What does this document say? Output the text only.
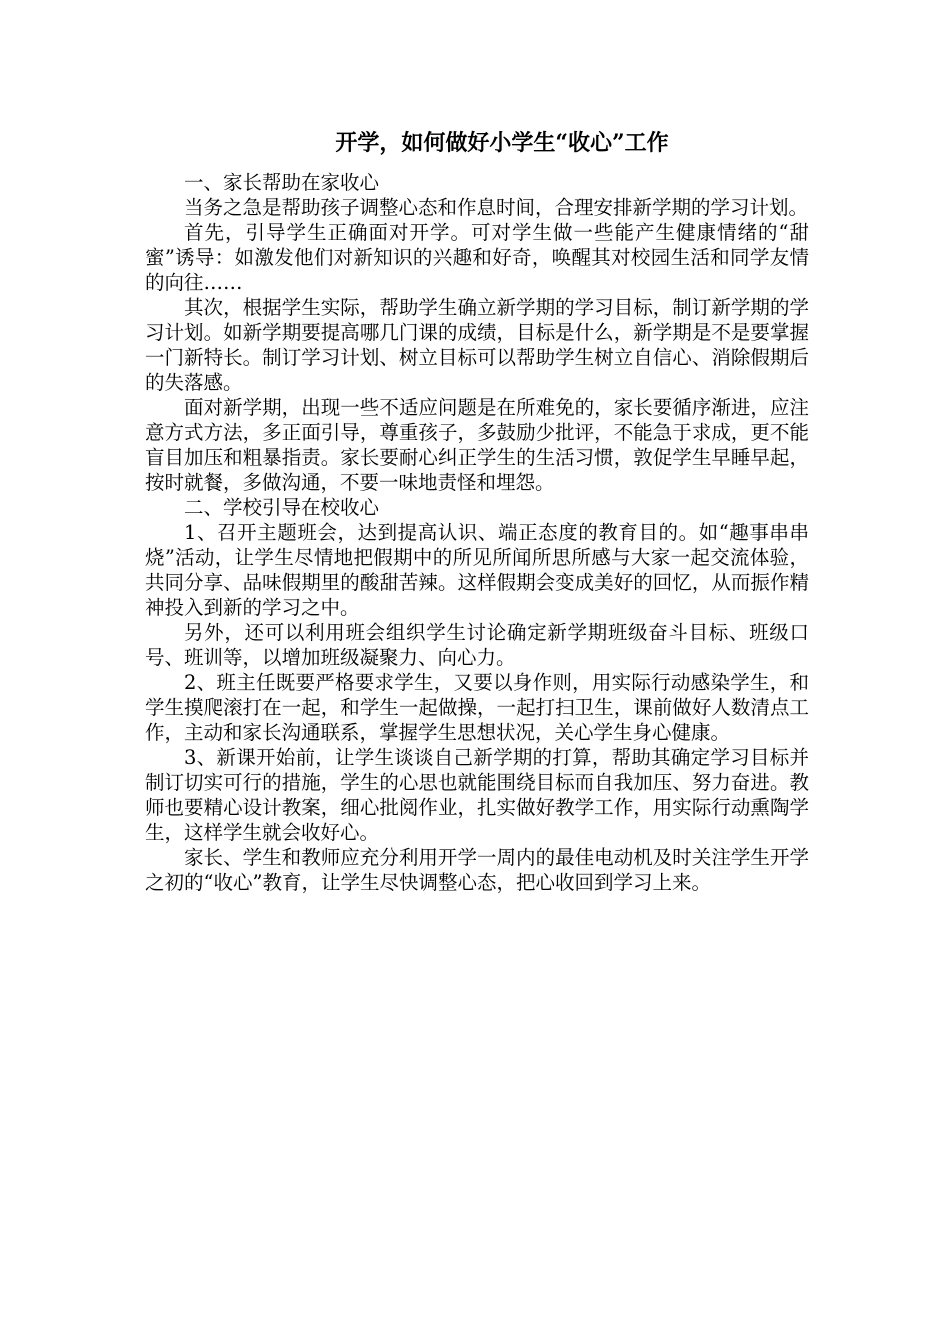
开学，如何做好小学生“收心”工作

一、家长帮助在家收心

当务之急是帮助孩子调整心态和作息时间，合理安排新学期的学习计划。

首先，引导学生正确面对开学。可对学生做一些能产生健康情绪的“甜蜜”诱导：如激发他们对新知识的兴趣和好奇，唤醒其对校园生活和同学友情的向往……

其次，根据学生实际，帮助学生确立新学期的学习目标，制订新学期的学习计划。如新学期要提高哪几门课的成绩，目标是什么，新学期是不是要掌握一门新特长。制订学习计划、树立目标可以帮助学生树立自信心、消除假期后的失落感。

面对新学期，出现一些不适应问题是在所难免的，家长要循序渐进，应注意方式方法，多正面引导，尊重孩子，多鼓励少批评，不能急于求成，更不能盲目加压和粗暴指责。家长要耐心纠正学生的生活习惯，敦促学生早睡早起，按时就餐，多做沟通，不要一味地责怪和埋怨。

二、学校引导在校收心

1、召开主题班会，达到提高认识、端正态度的教育目的。如“趣事串串烧”活动，让学生尽情地把假期中的所见所闻所思所感与大家一起交流体验，共同分享、品味假期里的酸甜苦辣。这样假期会变成美好的回忆，从而振作精神投入到新的学习之中。

另外，还可以利用班会组织学生讨论确定新学期班级奋斗目标、班级口号、班训等，以增加班级凝聚力、向心力。

2、班主任既要严格要求学生，又要以身作则，用实际行动感染学生，和学生摸爬滚打在一起，和学生一起做操，一起打扫卫生，课前做好人数清点工作，主动和家长沟通联系，掌握学生思想状况，关心学生身心健康。

3、新课开始前，让学生谈谈自己新学期的打算，帮助其确定学习目标并制订切实可行的措施，学生的心思也就能围绕目标而自我加压、努力奋进。教师也要精心设计教案，细心批阅作业，扎实做好教学工作，用实际行动熏陶学生，这样学生就会收好心。

家长、学生和教师应充分利用开学一周内的最佳电动机及时关注学生开学之初的“收心”教育，让学生尽快调整心态，把心收回到学习上来。
